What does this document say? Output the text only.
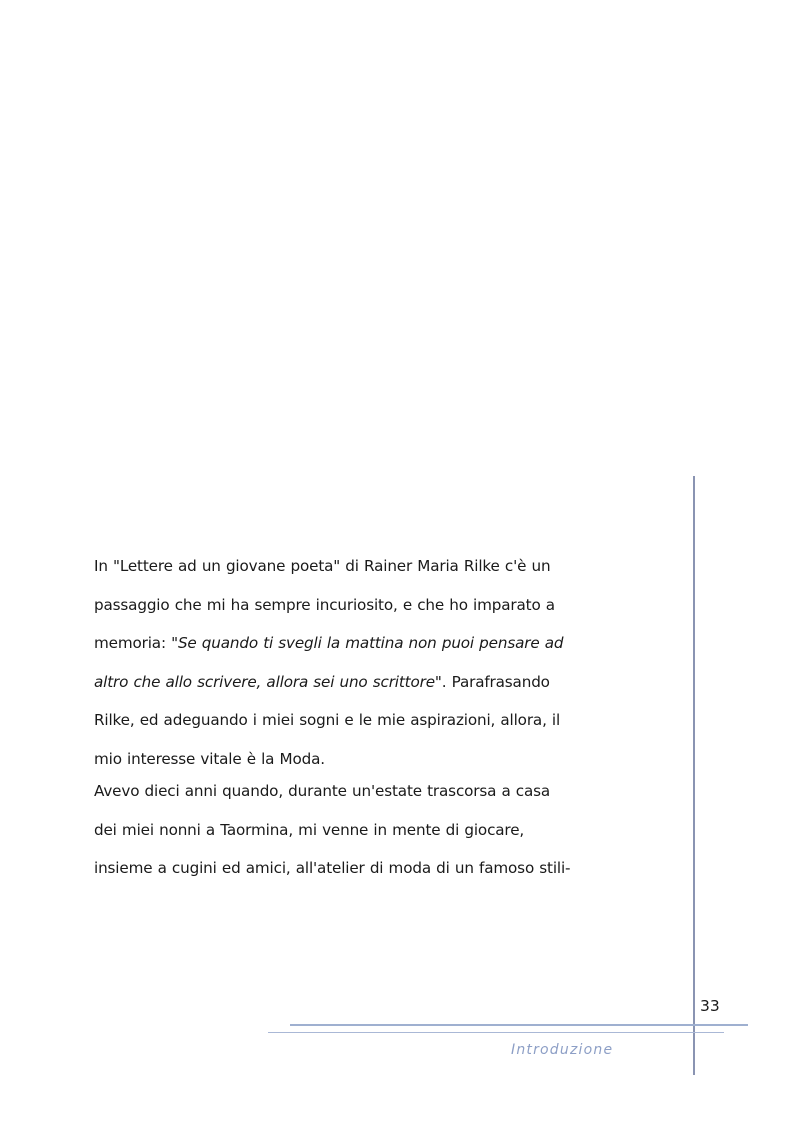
In "Lettere ad un giovane poeta" di Rainer Maria Rilke c'è un
passaggio che mi ha sempre incuriosito, e che ho imparato a
memoria: "Se quando ti svegli la mattina non puoi pensare ad
altro che allo scrivere, allora sei uno scrittore". Parafrasando
Rilke, ed adeguando i miei sogni e le mie aspirazioni, allora, il
mio interesse vitale è la Moda.
Avevo dieci anni quando, durante un'estate trascorsa a casa
dei miei nonni a Taormina, mi venne in mente di giocare,
insieme a cugini ed amici, all'atelier di moda di un famoso stili-
33
Introduzione
